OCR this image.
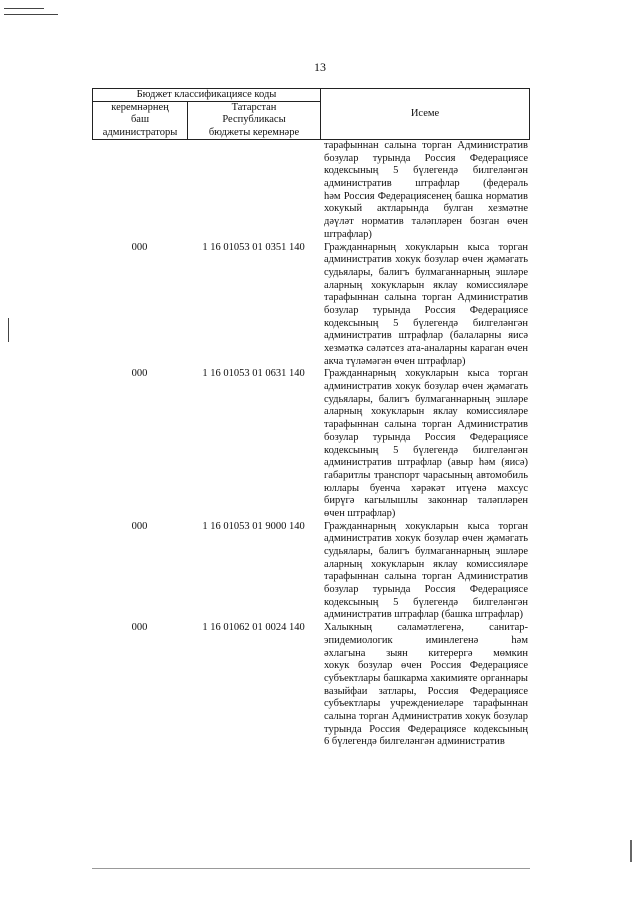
13
Бюджет классификациясе коды
керемнәрнең
баш
администраторы
Татарстан
Республикасы
бюджеты керемнәре
Исеме
тарафыннан салына торган Административ
бозулар турында Россия Федерациясе
кодексының 5 бүлегендә билгеләнгән
административ штрафлар (федераль
һәм Россия Федерациясенең башка норматив
хокукый актларында булган хезмәтне
дәүләт норматив таләпләрен бозган өчен
штрафлар)
000	1 16 01053 01 0351 140	Гражданнарның хокукларын кыса торган
административ хокук бозулар өчен җәмәгать
судьялары, балигъ булмаганнарның эшләре
аларның хокукларын яклау комиссияләре
тарафыннан салына торган Административ
бозулар турында Россия Федерациясе
кодексының 5 бүлегендә билгеләнгән
административ штрафлар (балаларны яисә
хезмәткә сәләтсез ата-аналарны караган өчен
акча түләмәгән өчен штрафлар)
000	1 16 01053 01 0631 140	Гражданнарның хокукларын кыса торган
административ хокук бозулар өчен җәмәгать
судьялары, балигъ булмаганнарның эшләре
аларның хокукларын яклау комиссияләре
тарафыннан салына торган Административ
бозулар турында Россия Федерациясе
кодексының 5 бүлегендә билгеләнгән
административ штрафлар (авыр һәм (яисә)
габаритлы транспорт чарасының автомобиль
юллары буенча хәрәкәт итүенә махсус
бирүгә кагылышлы законнар таләпләрен
өчен штрафлар)
000	1 16 01053 01 9000 140	Гражданнарның хокукларын кыса торган
административ хокук бозулар өчен җәмәгать
судьялары, балигъ булмаганнарның эшләре
аларның хокукларын яклау комиссияләре
тарафыннан салына торган Административ
бозулар турында Россия Федерациясе
кодексының 5 бүлегендә билгеләнгән
административ штрафлар (башка штрафлар)
000	1 16 01062 01 0024 140	Халыкның сәламәтлегенә, санитар-
эпидемиологик иминлегенә һәм
әхлагына зыян китерергә мөмкин
хокук бозулар өчен Россия Федерациясе
субъектлары башкарма хакимияте органнары
вазыйфаи затлары, Россия Федерациясе
субъектлары учреждениеләре тарафыннан
салына торган Административ хокук бозулар
турында Россия Федерациясе кодексының
6 бүлегендә билгеләнгән административ
